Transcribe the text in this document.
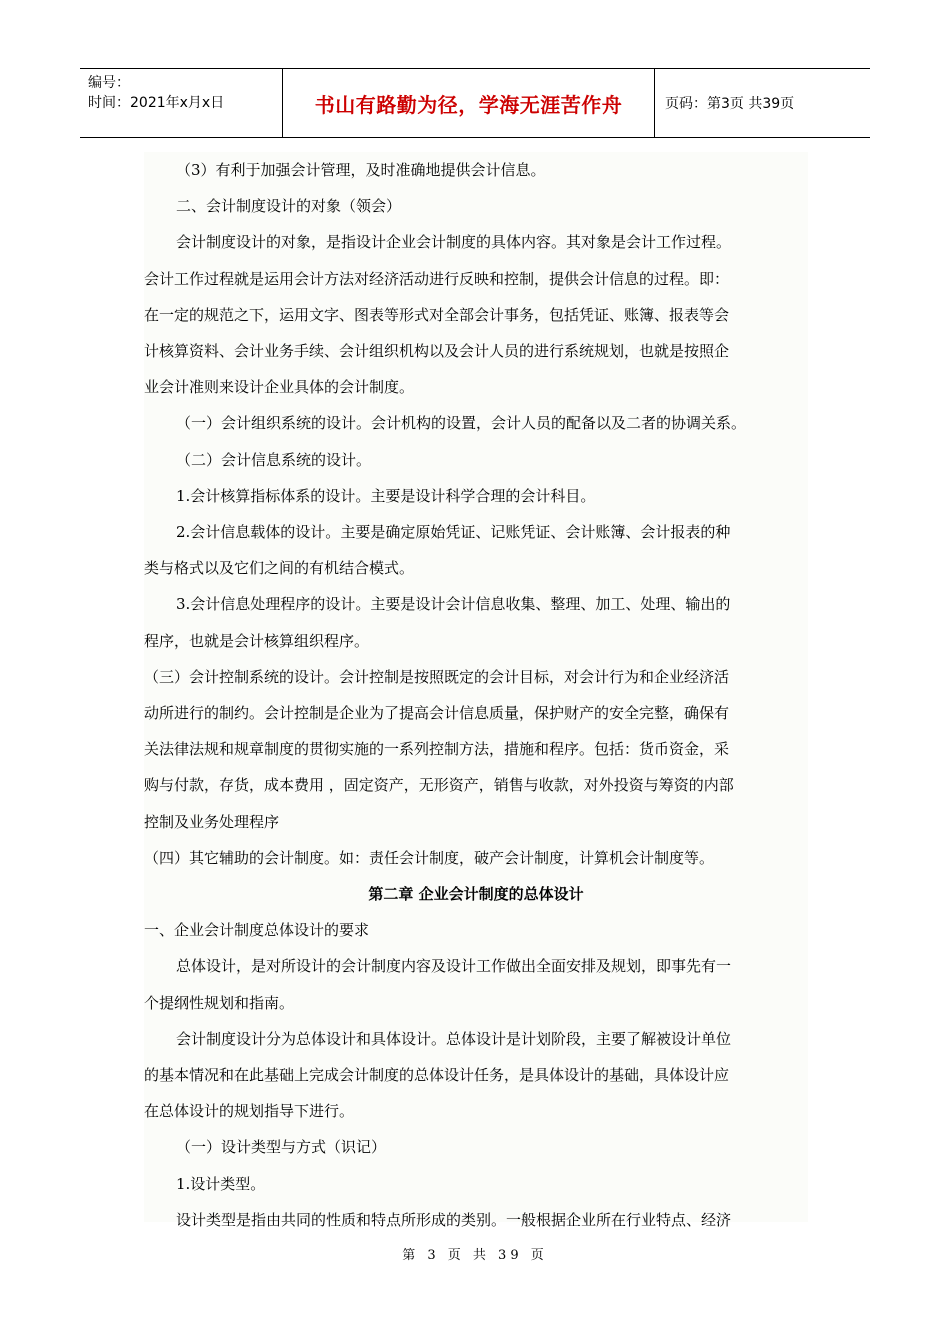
编号：
时间：2021年x月x日	书山有路勤为径，学海无涯苦作舟	页码：第3页 共39页

（3）有利于加强会计管理，及时准确地提供会计信息。

二、会计制度设计的对象（领会）

会计制度设计的对象，是指设计企业会计制度的具体内容。其对象是会计工作过程。

会计工作过程就是运用会计方法对经济活动进行反映和控制，提供会计信息的过程。即：

在一定的规范之下，运用文字、图表等形式对全部会计事务，包括凭证、账簿、报表等会

计核算资料、会计业务手续、会计组织机构以及会计人员的进行系统规划，也就是按照企

业会计准则来设计企业具体的会计制度。

（一）会计组织系统的设计。会计机构的设置，会计人员的配备以及二者的协调关系。

（二）会计信息系统的设计。

1.会计核算指标体系的设计。主要是设计科学合理的会计科目。

2.会计信息载体的设计。主要是确定原始凭证、记账凭证、会计账簿、会计报表的种

类与格式以及它们之间的有机结合模式。

3.会计信息处理程序的设计。主要是设计会计信息收集、整理、加工、处理、输出的

程序，也就是会计核算组织程序。

（三）会计控制系统的设计。会计控制是按照既定的会计目标，对会计行为和企业经济活

动所进行的制约。会计控制是企业为了提高会计信息质量，保护财产的安全完整，确保有

关法律法规和规章制度的贯彻实施的一系列控制方法，措施和程序。包括：货币资金，采

购与付款，存货，成本费用 ，固定资产，无形资产，销售与收款，对外投资与筹资的内部

控制及业务处理程序

（四）其它辅助的会计制度。如：责任会计制度，破产会计制度，计算机会计制度等。

第二章 企业会计制度的总体设计

一、企业会计制度总体设计的要求

总体设计，是对所设计的会计制度内容及设计工作做出全面安排及规划，即事先有一

个提纲性规划和指南。

会计制度设计分为总体设计和具体设计。总体设计是计划阶段，主要了解被设计单位

的基本情况和在此基础上完成会计制度的总体设计任务，是具体设计的基础，具体设计应

在总体设计的规划指导下进行。

（一）设计类型与方式（识记）

1.设计类型。

设计类型是指由共同的性质和特点所形成的类别。一般根据企业所在行业特点、经济

第 3 页 共 39 页
